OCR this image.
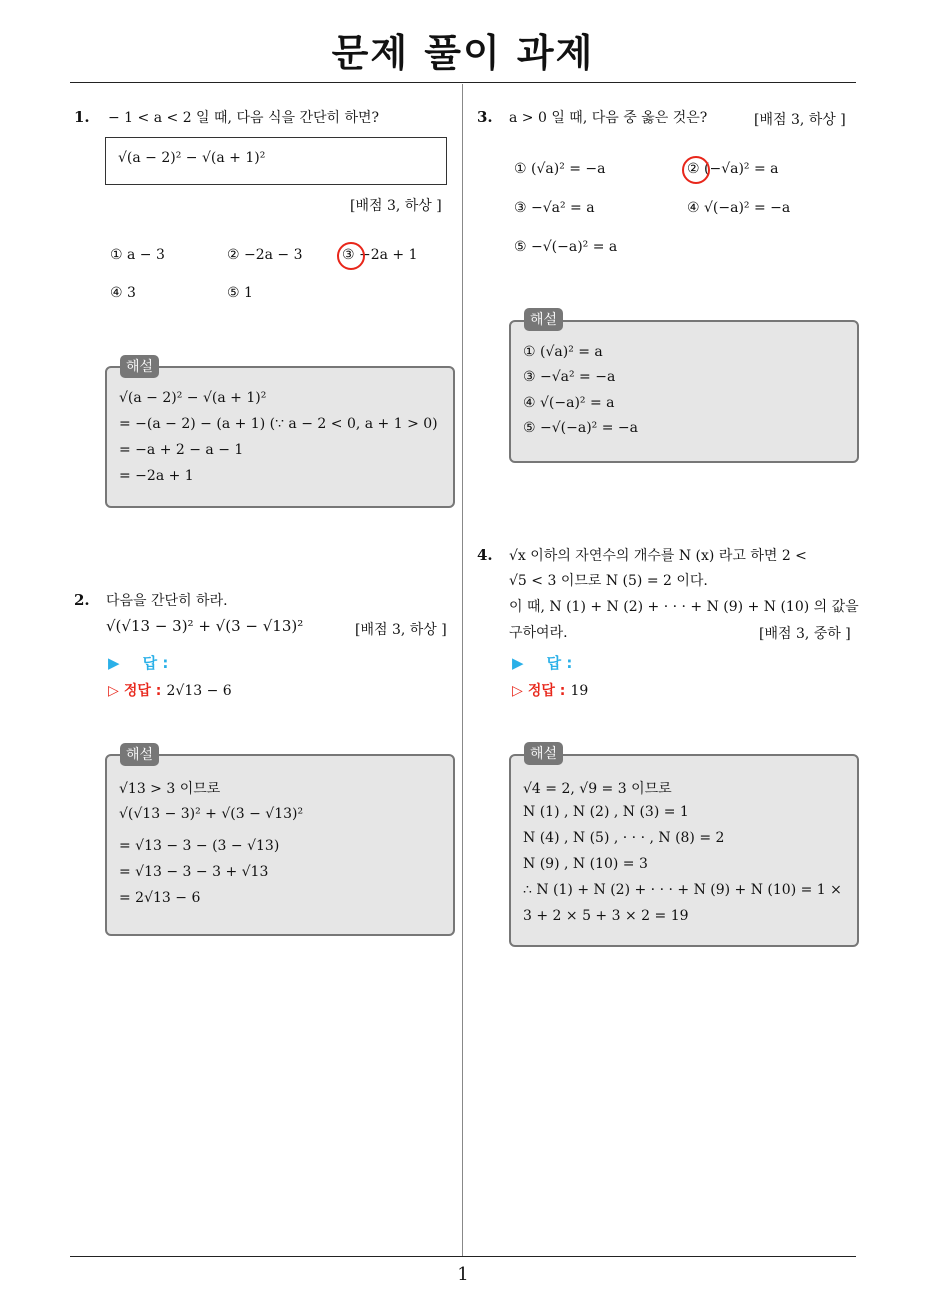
문제 풀이 과제
1. − 1 < a < 2 일 때, 다음 식을 간단히 하면?
√(a − 2)² − √(a + 1)²
[배점 3, 하상 ]
① a − 3	② −2a − 3	③ −2a + 1
④ 3	⑤ 1
√(a − 2)² − √(a + 1)²
= −(a − 2) − (a + 1) (∵ a − 2 < 0, a + 1 > 0)
= −a + 2 − a − 1
= −2a + 1
해설
2. 다음을 간단히 하라.
√(√13 − 3)² + √(3 − √13)²	[배점 3, 하상 ]
▶ 답 :
▷ 정답 : 2√13 − 6
√13 > 3 이므로
√(√13 − 3)² + √(3 − √13)²
= √13 − 3 − (3 − √13)
= √13 − 3 − 3 + √13
= 2√13 − 6
해설
3. a > 0 일 때, 다음 중 옳은 것은?	[배점 3, 하상 ]
① (√a)² = −a	② (−√a)² = a
③ −√a² = a	④ √(−a)² = −a
⑤ −√(−a)² = a
① (√a)² = a
③ −√a² = −a
④ √(−a)² = a
⑤ −√(−a)² = −a
해설
4. √x 이하의 자연수의 개수를 N (x) 라고 하면 2 <
√5 < 3 이므로 N (5) = 2 이다.
이 때, N (1) + N (2) + · · · + N (9) + N (10) 의 값을
구하여라.	[배점 3, 중하 ]
▶ 답 :
▷ 정답 : 19
√4 = 2, √9 = 3 이므로
N (1) , N (2) , N (3) = 1
N (4) , N (5) , · · · , N (8) = 2
N (9) , N (10) = 3
∴ N (1) + N (2) + · · · + N (9) + N (10) = 1 ×
3 + 2 × 5 + 3 × 2 = 19
해설
1
